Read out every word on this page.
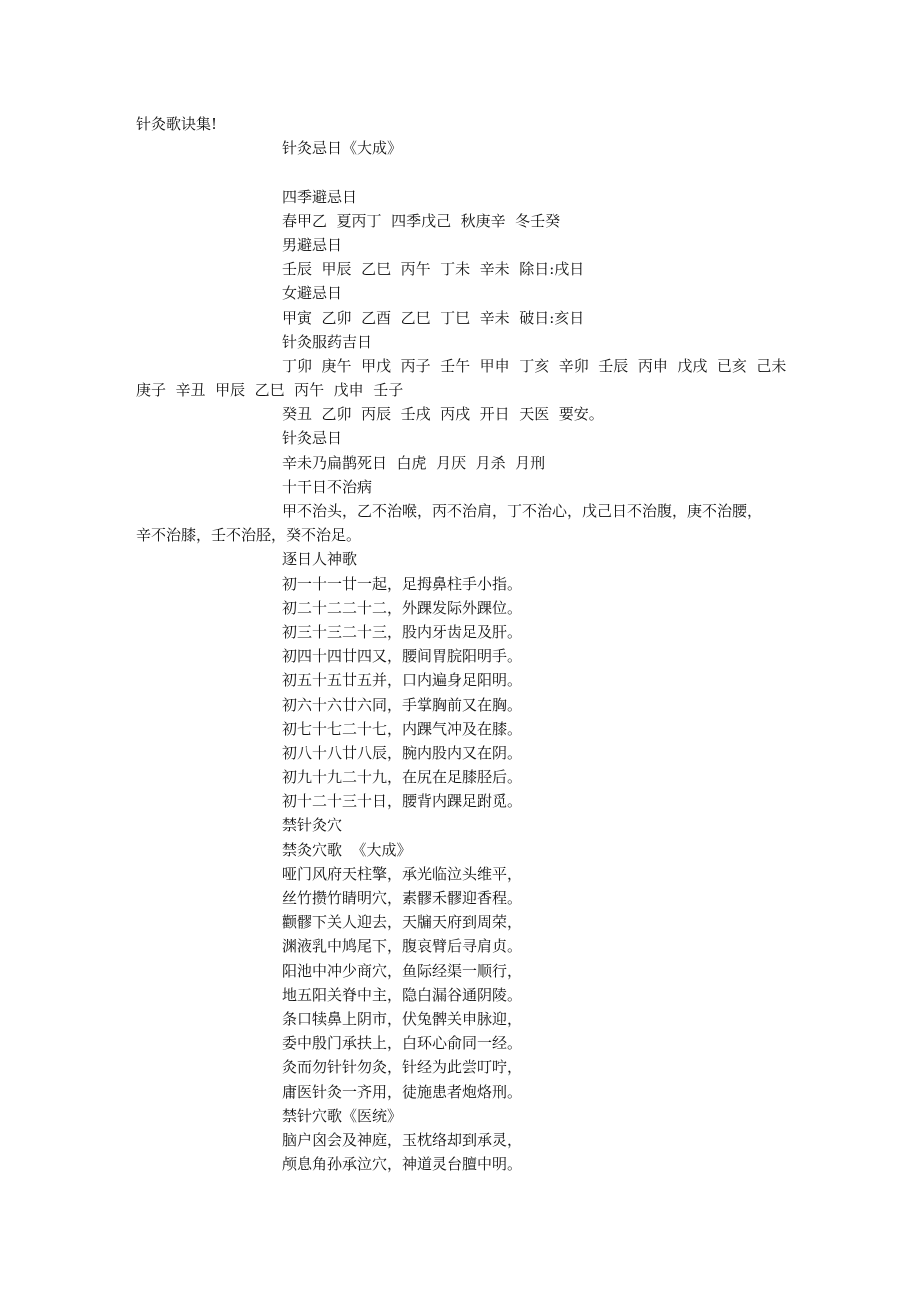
针灸歌诀集!
针灸忌日《大成》
四季避忌日
春甲乙  夏丙丁  四季戊己  秋庚辛  冬壬癸
男避忌日
壬辰  甲辰  乙巳  丙午  丁未  辛未  除日:戌日
女避忌日
甲寅  乙卯  乙酉  乙巳  丁巳  辛未  破日:亥日
针灸服药吉日
丁卯  庚午  甲戊  丙子  壬午  甲申  丁亥  辛卯  壬辰  丙申  戊戌  已亥  己未
庚子  辛丑  甲辰  乙巳  丙午  戊申  壬子
癸丑  乙卯  丙辰  壬戌  丙戌  开日  天医  要安。
针灸忌日
辛未乃扁鹊死日  白虎  月厌  月杀  月刑
十干日不治病
甲不治头，乙不治喉，丙不治肩，丁不治心，戊己日不治腹，庚不治腰，
辛不治膝，壬不治胫，癸不治足。
逐日人神歌
初一十一廿一起，足拇鼻柱手小指。
初二十二二十二，外踝发际外踝位。
初三十三二十三，股内牙齿足及肝。
初四十四廿四又，腰间胃脘阳明手。
初五十五廿五并，口内遍身足阳明。
初六十六廿六同，手掌胸前又在胸。
初七十七二十七，内踝气冲及在膝。
初八十八廿八辰，腕内股内又在阴。
初九十九二十九，在尻在足膝胫后。
初十二十三十日，腰背内踝足跗觅。
禁针灸穴
禁灸穴歌  《大成》
哑门风府天柱擎，承光临泣头维平，
丝竹攒竹睛明穴，素髎禾髎迎香程。
颧髎下关人迎去，天牖天府到周荣，
渊液乳中鸠尾下，腹哀臂后寻肩贞。
阳池中冲少商穴，鱼际经渠一顺行，
地五阳关脊中主，隐白漏谷通阴陵。
条口犊鼻上阴市，伏兔髀关申脉迎，
委中殷门承扶上，白环心俞同一经。
灸而勿针针勿灸，针经为此尝叮咛，
庸医针灸一齐用，徒施患者炮烙刑。
禁针穴歌《医统》
脑户囟会及神庭，玉枕络却到承灵，
颅息角孙承泣穴，神道灵台膻中明。
